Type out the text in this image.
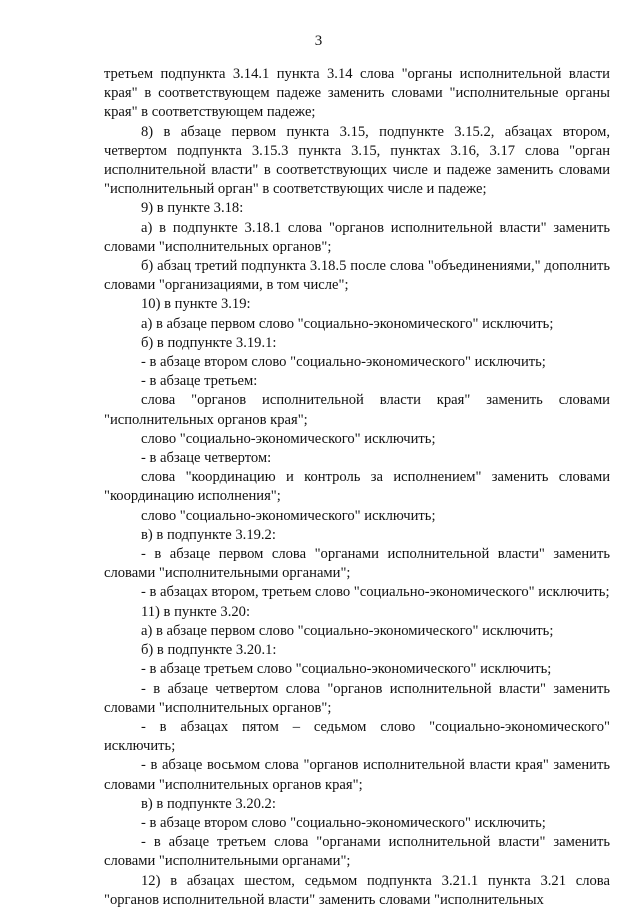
3

третьем подпункта 3.14.1 пункта 3.14 слова "органы исполнительной власти края" в соответствующем падеже заменить словами "исполнительные органы края" в соответствующем падеже;

8) в абзаце первом пункта 3.15, подпункте 3.15.2, абзацах втором, четвертом подпункта 3.15.3 пункта 3.15, пунктах 3.16, 3.17 слова "орган исполнительной власти" в соответствующих числе и падеже заменить словами "исполнительный орган" в соответствующих числе и падеже;

9) в пункте 3.18:

а) в подпункте 3.18.1 слова "органов исполнительной власти" заменить словами "исполнительных органов";

б) абзац третий подпункта 3.18.5 после слова "объединениями," дополнить словами "организациями, в том числе";

10) в пункте 3.19:

а) в абзаце первом слово "социально-экономического" исключить;

б) в подпункте 3.19.1:

- в абзаце втором слово "социально-экономического" исключить;

- в абзаце третьем:

слова "органов исполнительной власти края" заменить словами "исполнительных органов края";

слово "социально-экономического" исключить;

- в абзаце четвертом:

слова "координацию и контроль за исполнением" заменить словами "координацию исполнения";

слово "социально-экономического" исключить;

в) в подпункте 3.19.2:

- в абзаце первом слова "органами исполнительной власти" заменить словами "исполнительными органами";

- в абзацах втором, третьем слово "социально-экономического" исключить;

11) в пункте 3.20:

а) в абзаце первом слово "социально-экономического" исключить;

б) в подпункте 3.20.1:

- в абзаце третьем слово "социально-экономического" исключить;

- в абзаце четвертом слова "органов исполнительной власти" заменить словами "исполнительных органов";

- в абзацах пятом – седьмом слово "социально-экономического" исключить;

- в абзаце восьмом слова "органов исполнительной власти края" заменить словами "исполнительных органов края";

в) в подпункте 3.20.2:

- в абзаце втором слово "социально-экономического" исключить;

- в абзаце третьем слова "органами исполнительной власти" заменить словами "исполнительными органами";

12) в абзацах шестом, седьмом подпункта 3.21.1 пункта 3.21 слова "органов исполнительной власти" заменить словами "исполнительных
